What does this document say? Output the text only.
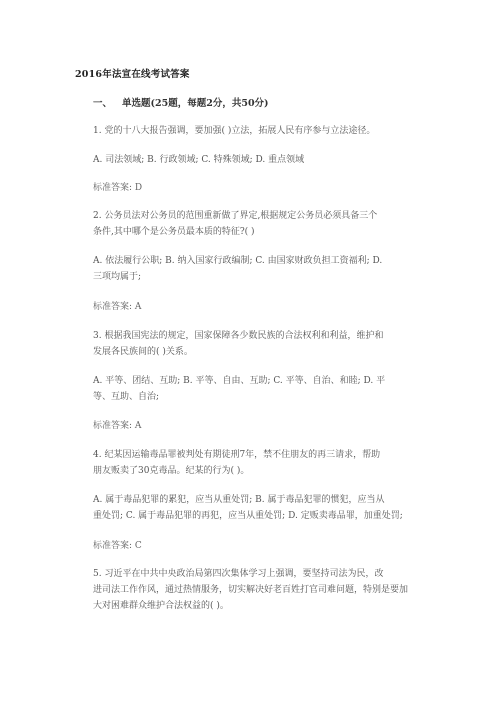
2016年法宣在线考试答案
一、 单选题(25题，每题2分，共50分)
1. 党的十八大报告强调，要加强( )立法，拓展人民有序参与立法途径。
A. 司法领域; B. 行政领域; C. 特殊领域; D. 重点领域
标准答案: D
2. 公务员法对公务员的范围重新做了界定,根据规定公务员必须具备三个
条件,其中哪个是公务员最本质的特征?( )
A. 依法履行公职; B. 纳入国家行政编制; C. 由国家财政负担工资福利; D.
三项均属于;
标准答案: A
3. 根据我国宪法的规定，国家保障各少数民族的合法权利和利益，维护和
发展各民族间的( )关系。
A. 平等、团结、互助; B. 平等、自由、互助; C. 平等、自治、和睦; D. 平
等、互助、自治;
标准答案: A
4. 纪某因运输毒品罪被判处有期徒刑7年，禁不住朋友的再三请求，帮助
朋友贩卖了30克毒品。纪某的行为( )。
A. 属于毒品犯罪的累犯，应当从重处罚; B. 属于毒品犯罪的惯犯，应当从
重处罚; C. 属于毒品犯罪的再犯，应当从重处罚; D. 定贩卖毒品罪，加重处罚;
标准答案: C
5. 习近平在中共中央政治局第四次集体学习上强调，要坚持司法为民，改
进司法工作作风，通过热情服务，切实解决好老百姓打官司难问题，特别是要加
大对困难群众维护合法权益的( )。
